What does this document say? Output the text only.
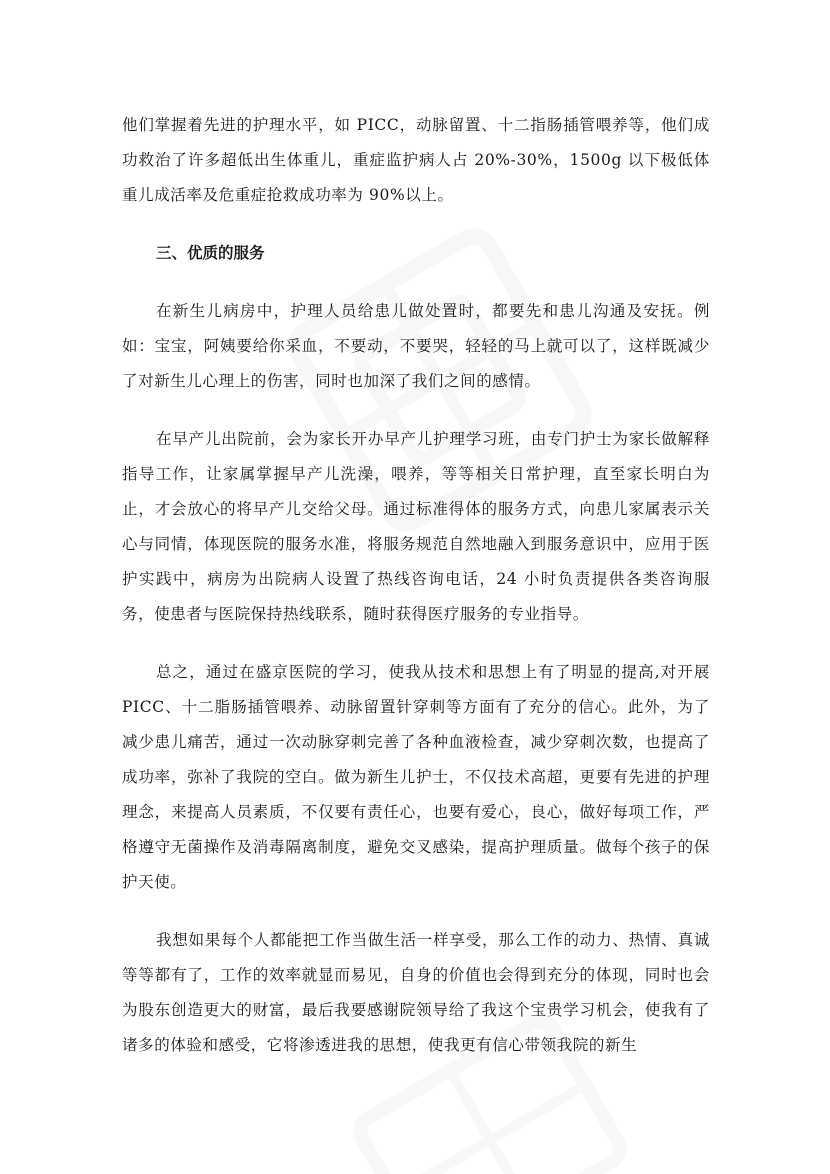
他们掌握着先进的护理水平，如 PICC，动脉留置、十二指肠插管喂养等，他们成功救治了许多超低出生体重儿，重症监护病人占 20%-30%，1500g 以下极低体重儿成活率及危重症抢救成功率为 90%以上。

三、优质的服务

在新生儿病房中，护理人员给患儿做处置时，都要先和患儿沟通及安抚。例如：宝宝，阿姨要给你采血，不要动，不要哭，轻轻的马上就可以了，这样既减少了对新生儿心理上的伤害，同时也加深了我们之间的感情。

在早产儿出院前，会为家长开办早产儿护理学习班，由专门护士为家长做解释指导工作，让家属掌握早产儿洗澡，喂养，等等相关日常护理，直至家长明白为止，才会放心的将早产儿交给父母。通过标准得体的服务方式，向患儿家属表示关心与同情，体现医院的服务水准，将服务规范自然地融入到服务意识中，应用于医护实践中，病房为出院病人设置了热线咨询电话，24 小时负责提供各类咨询服务，使患者与医院保持热线联系，随时获得医疗服务的专业指导。

总之，通过在盛京医院的学习，使我从技术和思想上有了明显的提高,对开展 PICC、十二脂肠插管喂养、动脉留置针穿刺等方面有了充分的信心。此外，为了减少患儿痛苦，通过一次动脉穿刺完善了各种血液检查，减少穿刺次数，也提高了成功率，弥补了我院的空白。做为新生儿护士，不仅技术高超，更要有先进的护理理念，来提高人员素质，不仅要有责任心，也要有爱心，良心，做好每项工作，严格遵守无菌操作及消毒隔离制度，避免交叉感染，提高护理质量。做每个孩子的保护天使。

我想如果每个人都能把工作当做生活一样享受，那么工作的动力、热情、真诚等等都有了，工作的效率就显而易见，自身的价值也会得到充分的体现，同时也会为股东创造更大的财富，最后我要感谢院领导给了我这个宝贵学习机会，使我有了诸多的体验和感受，它将渗透进我的思想，使我更有信心带领我院的新生
